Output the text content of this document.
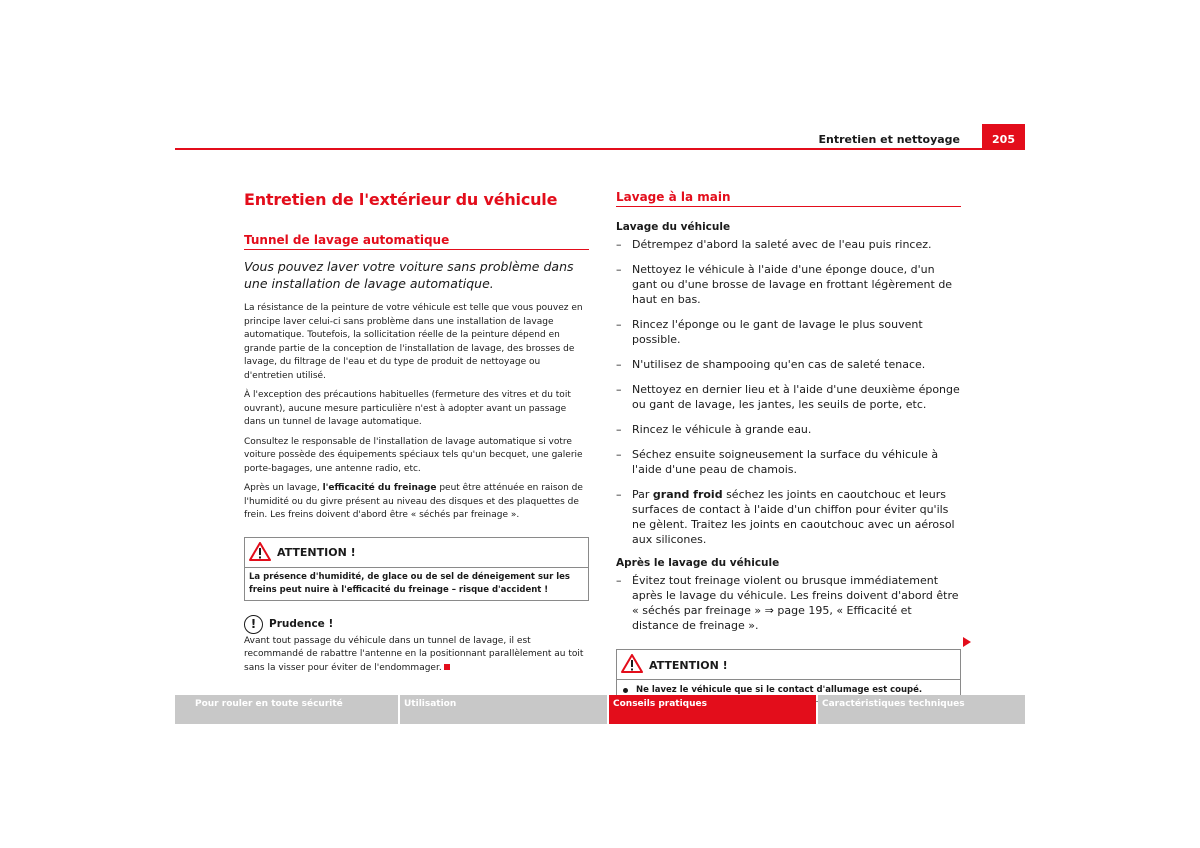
Entretien et nettoyage	205
Entretien de l'extérieur du véhicule
Tunnel de lavage automatique

Vous pouvez laver votre voiture sans problème dans une installation de lavage automatique.

La résistance de la peinture de votre véhicule est telle que vous pouvez en principe laver celui-ci sans problème dans une installation de lavage automatique. Toutefois, la sollicitation réelle de la peinture dépend en grande partie de la conception de l'installation de lavage, des brosses de lavage, du filtrage de l'eau et du type de produit de nettoyage ou d'entretien utilisé.

À l'exception des précautions habituelles (fermeture des vitres et du toit ouvrant), aucune mesure particulière n'est à adopter avant un passage dans un tunnel de lavage automatique.

Consultez le responsable de l'installation de lavage automatique si votre voiture possède des équipements spéciaux tels qu'un becquet, une galerie porte-bagages, une antenne radio, etc.

Après un lavage, l'efficacité du freinage peut être atténuée en raison de l'humidité ou du givre présent au niveau des disques et des plaquettes de frein. Les freins doivent d'abord être « séchés par freinage ».

ATTENTION !
La présence d'humidité, de glace ou de sel de déneigement sur les freins peut nuire à l'efficacité du freinage – risque d'accident !
!	Prudence !

Avant tout passage du véhicule dans un tunnel de lavage, il est recommandé de rabattre l'antenne en la positionnant parallèlement au toit sans la visser pour éviter de l'endommager.

Lavage à la main
Lavage du véhicule
– Détrempez d'abord la saleté avec de l'eau puis rincez.
– Nettoyez le véhicule à l'aide d'une éponge douce, d'un gant ou d'une brosse de lavage en frottant légèrement de haut en bas.
– Rincez l'éponge ou le gant de lavage le plus souvent possible.
– N'utilisez de shampooing qu'en cas de saleté tenace.
– Nettoyez en dernier lieu et à l'aide d'une deuxième éponge ou gant de lavage, les jantes, les seuils de porte, etc.
– Rincez le véhicule à grande eau.
– Séchez ensuite soigneusement la surface du véhicule à l'aide d'une peau de chamois.
– Par grand froid séchez les joints en caoutchouc et leurs surfaces de contact à l'aide d'un chiffon pour éviter qu'ils ne gèlent. Traitez les joints en caoutchouc avec un aérosol aux silicones.
Après le lavage du véhicule
– Évitez tout freinage violent ou brusque immédiatement après le lavage du véhicule. Les freins doivent d'abord être « séchés par freinage » ⇒ page 195, « Efficacité et distance de freinage ».
ATTENTION !
Ne lavez le véhicule que si le contact d'allumage est coupé.
Pour rouler en toute sécurité	Utilisation	Conseils pratiques	Caractéristiques techniques
